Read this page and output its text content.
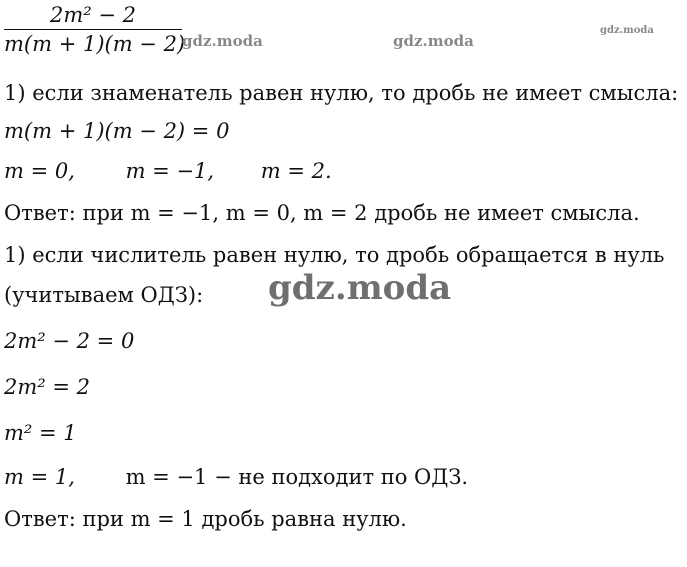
2m² − 2
m(m + 1)(m − 2)
gdz.moda	gdz.moda
gdz.moda
gdz.moda
1) если знаменатель равен нулю, то дробь не имеет смысла:
m(m + 1)(m − 2) = 0
m = 0, m = −1, m = 2.
Ответ: при m = −1, m = 0, m = 2 дробь не имеет смысла.
1) если числитель равен нулю, то дробь обращается в нуль
(учитываем ОДЗ):
2m² − 2 = 0
2m² = 2
m² = 1
m = 1, m = −1 − не подходит по ОДЗ.
Ответ: при m = 1 дробь равна нулю.
